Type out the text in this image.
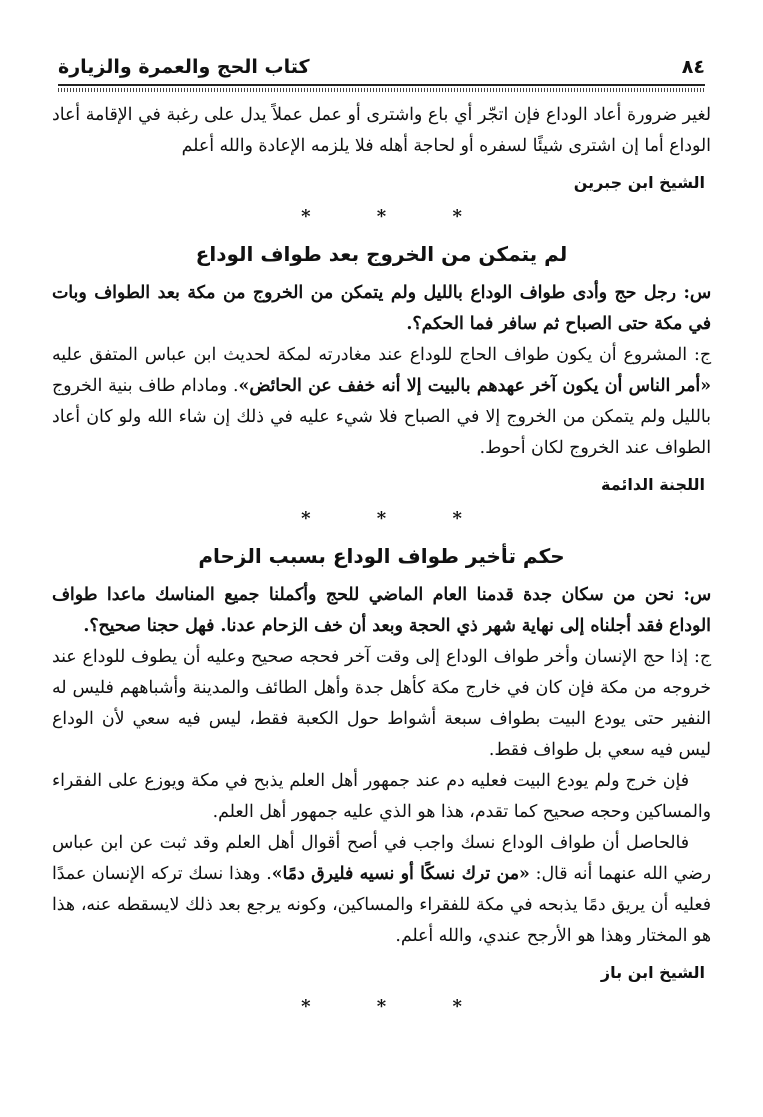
٨٤
كتاب الحج والعمرة والزيارة

لغير ضرورة أعاد الوداع فإن اتجّر أي باع واشترى أو عمل عملاً يدل على رغبة في الإقامة أعاد الوداع أما إن اشترى شيئًا لسفره أو لحاجة أهله فلا يلزمه الإعادة والله أعلم

الشيخ ابن جبرين
* * *
لم يتمكن من الخروج بعد طواف الوداع

س: رجل حج وأدى طواف الوداع بالليل ولم يتمكن من الخروج من مكة بعد الطواف وبات في مكة حتى الصباح ثم سافر فما الحكم؟.

ج: المشروع أن يكون طواف الحاج للوداع عند مغادرته لمكة لحديث ابن عباس المتفق عليه «أمر الناس أن يكون آخر عهدهم بالبيت إلا أنه خفف عن الحائض». ومادام طاف بنية الخروج بالليل ولم يتمكن من الخروج إلا في الصباح فلا شيء عليه في ذلك إن شاء الله ولو كان أعاد الطواف عند الخروج لكان أحوط.

اللجنة الدائمة
* * *
حكم تأخير طواف الوداع بسبب الزحام

س: نحن من سكان جدة قدمنا العام الماضي للحج وأكملنا جميع المناسك ماعدا طواف الوداع فقد أجلناه إلى نهاية شهر ذي الحجة وبعد أن خف الزحام عدنا. فهل حجنا صحيح؟.

ج: إذا حج الإنسان وأخر طواف الوداع إلى وقت آخر فحجه صحيح وعليه أن يطوف للوداع عند خروجه من مكة فإن كان في خارج مكة كأهل جدة وأهل الطائف والمدينة وأشباههم فليس له النفير حتى يودع البيت بطواف سبعة أشواط حول الكعبة فقط، ليس فيه سعي لأن الوداع ليس فيه سعي بل طواف فقط.

فإن خرج ولم يودع البيت فعليه دم عند جمهور أهل العلم يذبح في مكة ويوزع على الفقراء والمساكين وحجه صحيح كما تقدم، هذا هو الذي عليه جمهور أهل العلم.

فالحاصل أن طواف الوداع نسك واجب في أصح أقوال أهل العلم وقد ثبت عن ابن عباس رضي الله عنهما أنه قال: «من ترك نسكًا أو نسيه فليرق دمًا». وهذا نسك تركه الإنسان عمدًا فعليه أن يريق دمًا يذبحه في مكة للفقراء والمساكين، وكونه يرجع بعد ذلك لايسقطه عنه، هذا هو المختار وهذا هو الأرجح عندي، والله أعلم.

الشيخ ابن باز
* * *
